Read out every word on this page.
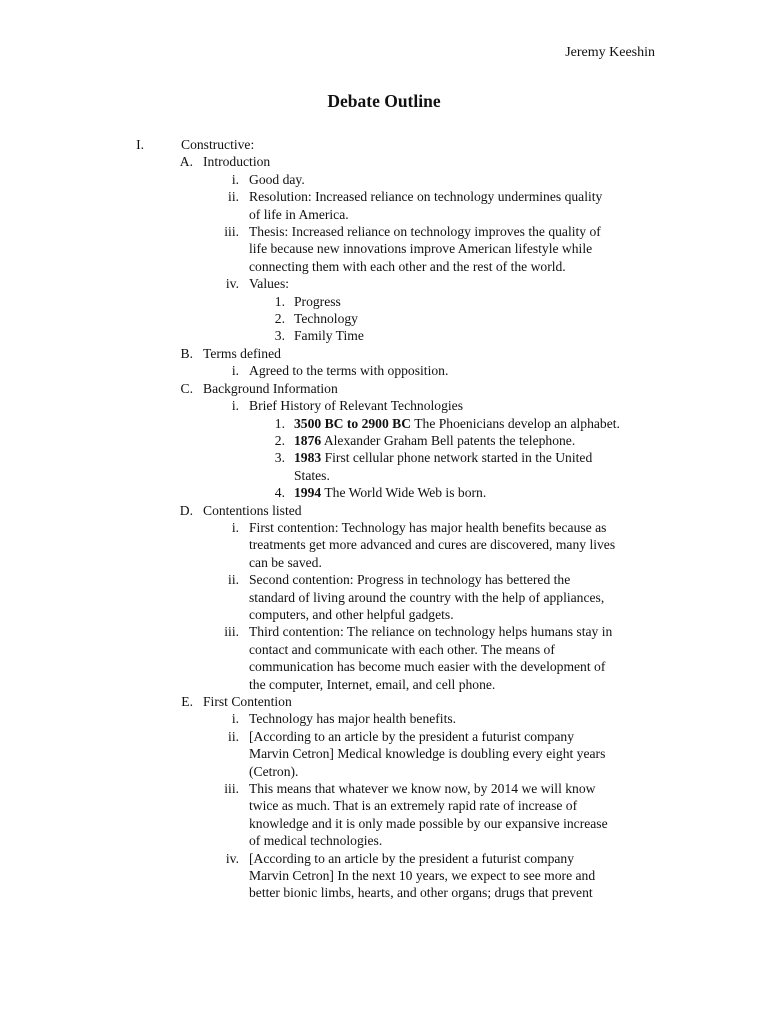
Jeremy Keeshin
Debate Outline
I.	Constructive:
A. Introduction
i. Good day.
ii. Resolution: Increased reliance on technology undermines quality
of life in America.
iii. Thesis: Increased reliance on technology improves the quality of
life because new innovations improve American lifestyle while
connecting them with each other and the rest of the world.
iv. Values:
1. Progress
2. Technology
3. Family Time
B. Terms defined
i. Agreed to the terms with opposition.
C. Background Information
i. Brief History of Relevant Technologies
1. 3500 BC to 2900 BC The Phoenicians develop an alphabet.
2. 1876 Alexander Graham Bell patents the telephone.
3. 1983 First cellular phone network started in the United
States.
4. 1994 The World Wide Web is born.
D. Contentions listed
i. First contention: Technology has major health benefits because as
treatments get more advanced and cures are discovered, many lives
can be saved.
ii. Second contention: Progress in technology has bettered the
standard of living around the country with the help of appliances,
computers, and other helpful gadgets.
iii. Third contention: The reliance on technology helps humans stay in
contact and communicate with each other. The means of
communication has become much easier with the development of
the computer, Internet, email, and cell phone.
E. First Contention
i. Technology has major health benefits.
ii. [According to an article by the president a futurist company
Marvin Cetron] Medical knowledge is doubling every eight years
(Cetron).
iii. This means that whatever we know now, by 2014 we will know
twice as much. That is an extremely rapid rate of increase of
knowledge and it is only made possible by our expansive increase
of medical technologies.
iv. [According to an article by the president a futurist company
Marvin Cetron] In the next 10 years, we expect to see more and
better bionic limbs, hearts, and other organs; drugs that prevent
